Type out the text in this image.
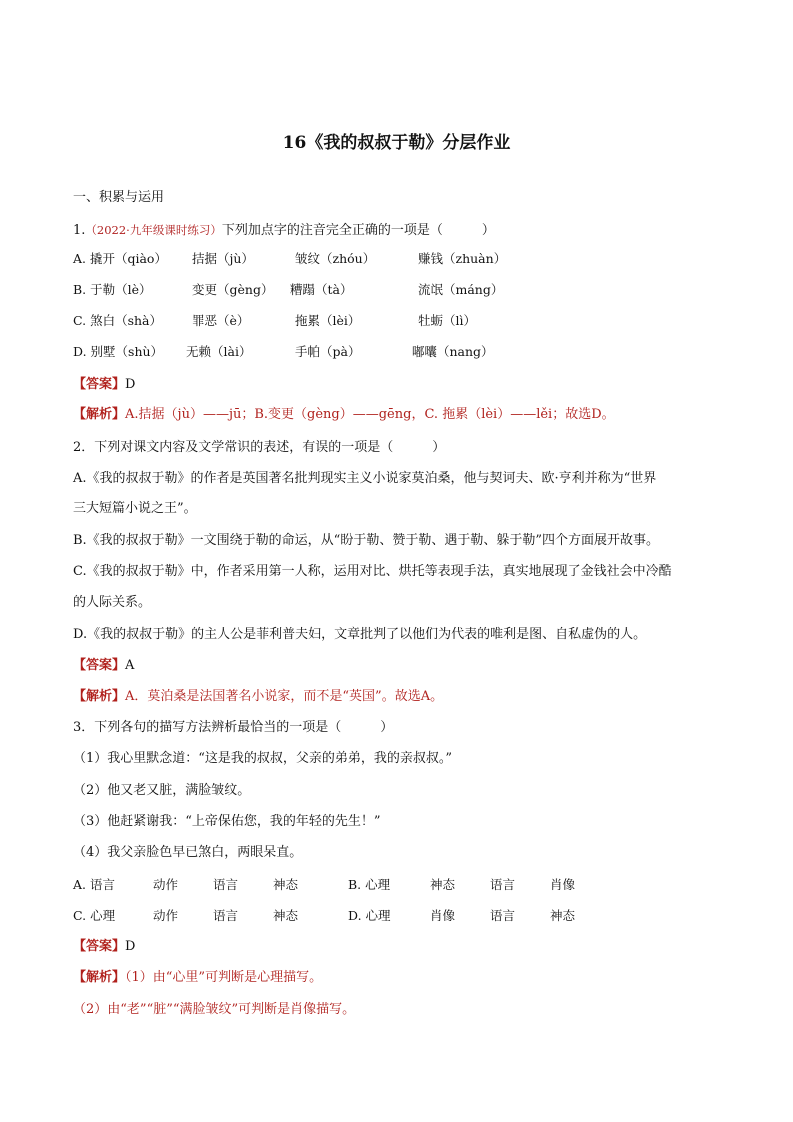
16《我的叔叔于勒》分层作业
一、积累与运用
1.（2022·九年级课时练习）下列加点字的注音完全正确的一项是（　　　）
A. 撬开（qiào） 拮据（jù）	皱纹（zhóu）	赚钱（zhuàn）
B. 于勒（lè）	变更（gèng） 糟蹋（tà）	流氓（máng）
C. 煞白（shà） 罪恶（è）	拖累（lèi）	牡蛎（lì）
D. 别墅（shù） 无赖（lài）	手帕（pà）	嘟囔（nang）
【答案】D
【解析】A.拮据（jù）——jū；B.变更（gèng）——gēng，C. 拖累（lèi）——lěi；故选D。
2．下列对课文内容及文学常识的表述，有误的一项是（　　　）
A.《我的叔叔于勒》的作者是英国著名批判现实主义小说家莫泊桑，他与契诃夫、欧·亨利并称为“世界
三大短篇小说之王”。
B.《我的叔叔于勒》一文围绕于勒的命运，从“盼于勒、赞于勒、遇于勒、躲于勒”四个方面展开故事。
C.《我的叔叔于勒》中，作者采用第一人称，运用对比、烘托等表现手法，真实地展现了金钱社会中冷酷
的人际关系。
D.《我的叔叔于勒》的主人公是菲利普夫妇，文章批判了以他们为代表的唯利是图、自私虚伪的人。
【答案】A
【解析】A．莫泊桑是法国著名小说家，而不是“英国”。故选A。
3．下列各句的描写方法辨析最恰当的一项是（　　　）
（1）我心里默念道：“这是我的叔叔，父亲的弟弟，我的亲叔叔。”
（2）他又老又脏，满脸皱纹。
（3）他赶紧谢我：“上帝保佑您，我的年轻的先生！”
（4）我父亲脸色早已煞白，两眼呆直。
A. 语言	动作	语言	神态	B. 心理	神态	语言	肖像
C. 心理	动作	语言	神态	D. 心理	肖像	语言	神态
【答案】D
【解析】（1）由“心里”可判断是心理描写。
（2）由“老”“脏”“满脸皱纹”可判断是肖像描写。
